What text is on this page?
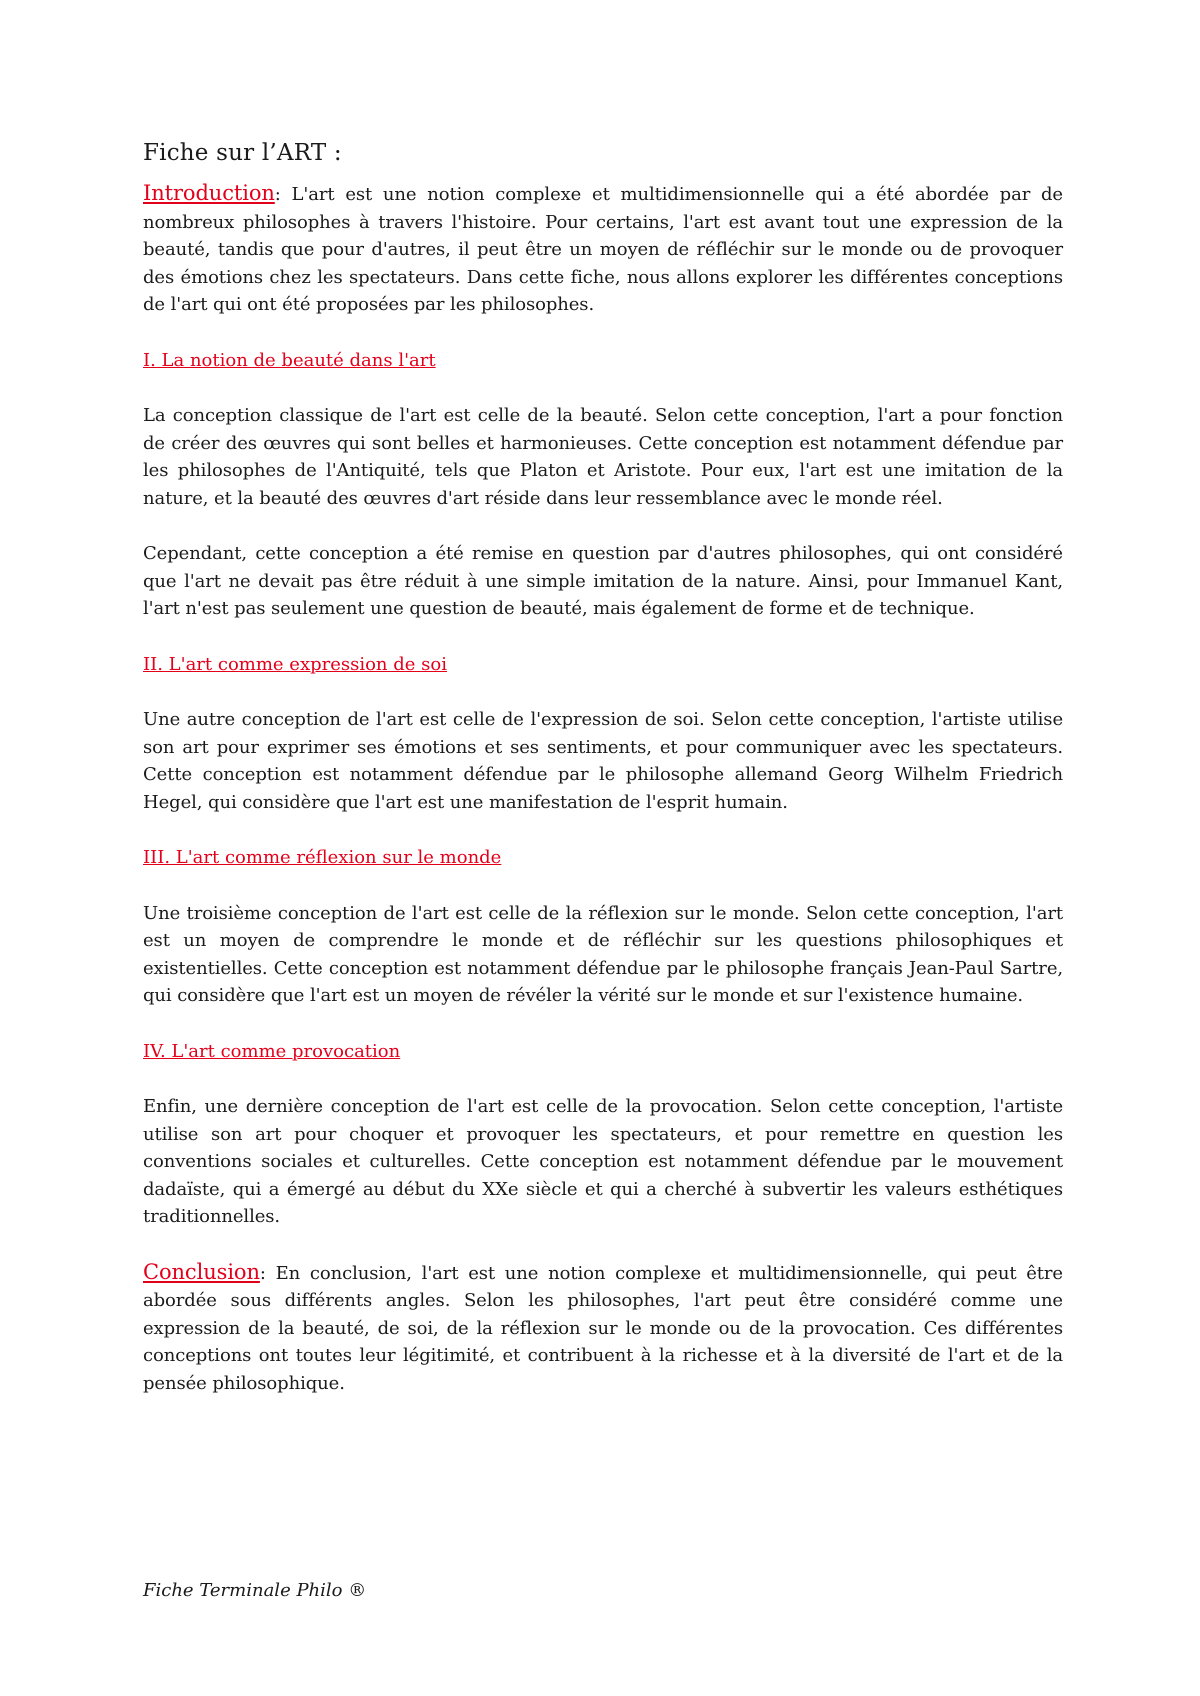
Fiche sur l’ART :

Introduction: L'art est une notion complexe et multidimensionnelle qui a été abordée par de nombreux philosophes à travers l'histoire. Pour certains, l'art est avant tout une expression de la beauté, tandis que pour d'autres, il peut être un moyen de réfléchir sur le monde ou de provoquer des émotions chez les spectateurs. Dans cette fiche, nous allons explorer les différentes conceptions de l'art qui ont été proposées par les philosophes.

I. La notion de beauté dans l'art

La conception classique de l'art est celle de la beauté. Selon cette conception, l'art a pour fonction de créer des œuvres qui sont belles et harmonieuses. Cette conception est notamment défendue par les philosophes de l'Antiquité, tels que Platon et Aristote. Pour eux, l'art est une imitation de la nature, et la beauté des œuvres d'art réside dans leur ressemblance avec le monde réel.

Cependant, cette conception a été remise en question par d'autres philosophes, qui ont considéré que l'art ne devait pas être réduit à une simple imitation de la nature. Ainsi, pour Immanuel Kant, l'art n'est pas seulement une question de beauté, mais également de forme et de technique.

II. L'art comme expression de soi

Une autre conception de l'art est celle de l'expression de soi. Selon cette conception, l'artiste utilise son art pour exprimer ses émotions et ses sentiments, et pour communiquer avec les spectateurs. Cette conception est notamment défendue par le philosophe allemand Georg Wilhelm Friedrich Hegel, qui considère que l'art est une manifestation de l'esprit humain.

III. L'art comme réflexion sur le monde

Une troisième conception de l'art est celle de la réflexion sur le monde. Selon cette conception, l'art est un moyen de comprendre le monde et de réfléchir sur les questions philosophiques et existentielles. Cette conception est notamment défendue par le philosophe français Jean-Paul Sartre, qui considère que l'art est un moyen de révéler la vérité sur le monde et sur l'existence humaine.

IV. L'art comme provocation

Enfin, une dernière conception de l'art est celle de la provocation. Selon cette conception, l'artiste utilise son art pour choquer et provoquer les spectateurs, et pour remettre en question les conventions sociales et culturelles. Cette conception est notamment défendue par le mouvement dadaïste, qui a émergé au début du XXe siècle et qui a cherché à subvertir les valeurs esthétiques traditionnelles.

Conclusion: En conclusion, l'art est une notion complexe et multidimensionnelle, qui peut être abordée sous différents angles. Selon les philosophes, l'art peut être considéré comme une expression de la beauté, de soi, de la réflexion sur le monde ou de la provocation. Ces différentes conceptions ont toutes leur légitimité, et contribuent à la richesse et à la diversité de l'art et de la pensée philosophique.

Fiche Terminale Philo ®
